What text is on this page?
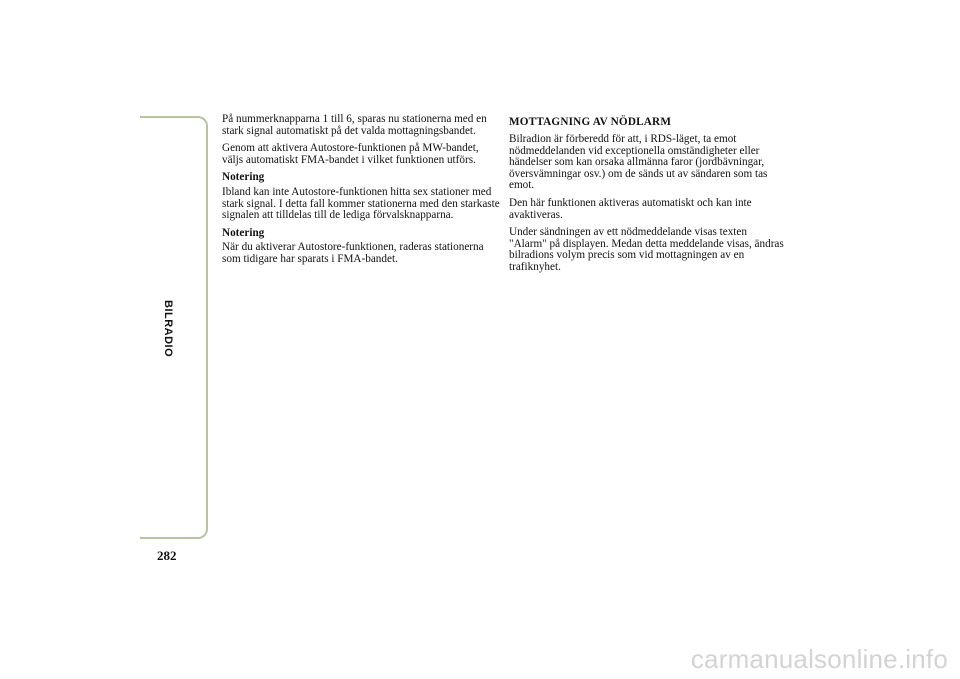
BILRADIO
282

På nummerknapparna 1 till 6, sparas nu stationerna med en stark signal automatiskt på det valda mottagningsbandet.

Genom att aktivera Autostore-funktionen på MW-bandet, väljs automatiskt FMA-bandet i vilket funktionen utförs.

Notering

Ibland kan inte Autostore-funktionen hitta sex stationer med stark signal. I detta fall kommer stationerna med den starkaste signalen att tilldelas till de lediga förvalsknapparna.

Notering

När du aktiverar Autostore-funktionen, raderas stationerna som tidigare har sparats i FMA-bandet.

MOTTAGNING AV NÖDLARM

Bilradion är förberedd för att, i RDS-läget, ta emot nödmeddelanden vid exceptionella omständigheter eller händelser som kan orsaka allmänna faror (jordbävningar, översvämningar osv.) om de sänds ut av sändaren som tas emot.

Den här funktionen aktiveras automatiskt och kan inte avaktiveras.

Under sändningen av ett nödmeddelande visas texten "Alarm" på displayen. Medan detta meddelande visas, ändras bilradions volym precis som vid mottagningen av en trafiknyhet.

carmanualsonline.info
